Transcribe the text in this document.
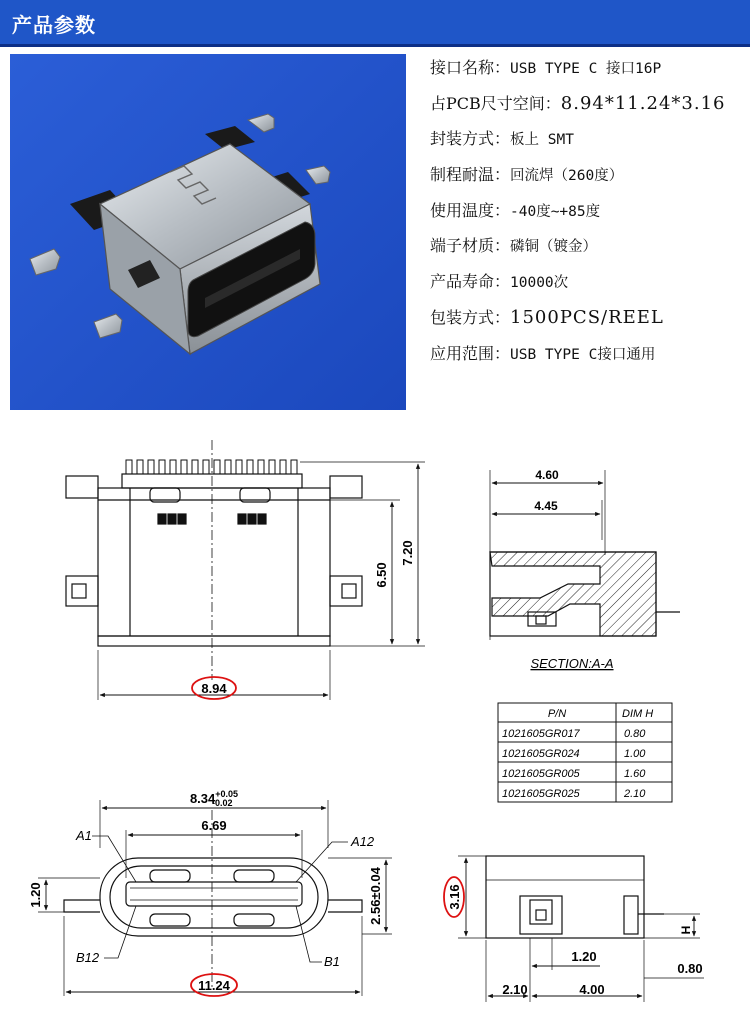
产品参数
接口名称：USB TYPE C 接口16P
占PCB尺寸空间：8.94*11.24*3.16
封装方式：板上 SMT
制程耐温：回流焊（260度）
使用温度：-40度~+85度
端子材质：磷铜（镀金）
产品寿命：10000次
包装方式：1500PCS/REEL
应用范围：USB TYPE C接口通用
8.94
6.50
7.20
4.60
4.45
SECTION:A-A
P/N	DIM H
1021605GR017	0.80
1021605GR024	1.00
1021605GR005	1.60
1021605GR025	2.10
$8.34^{+0.05}$ -0.02
6.69
11.24
1.20	2.56±0.04
A1	A12
B12	B1
3.16
1.20
2.10	4.00
0.80
H
